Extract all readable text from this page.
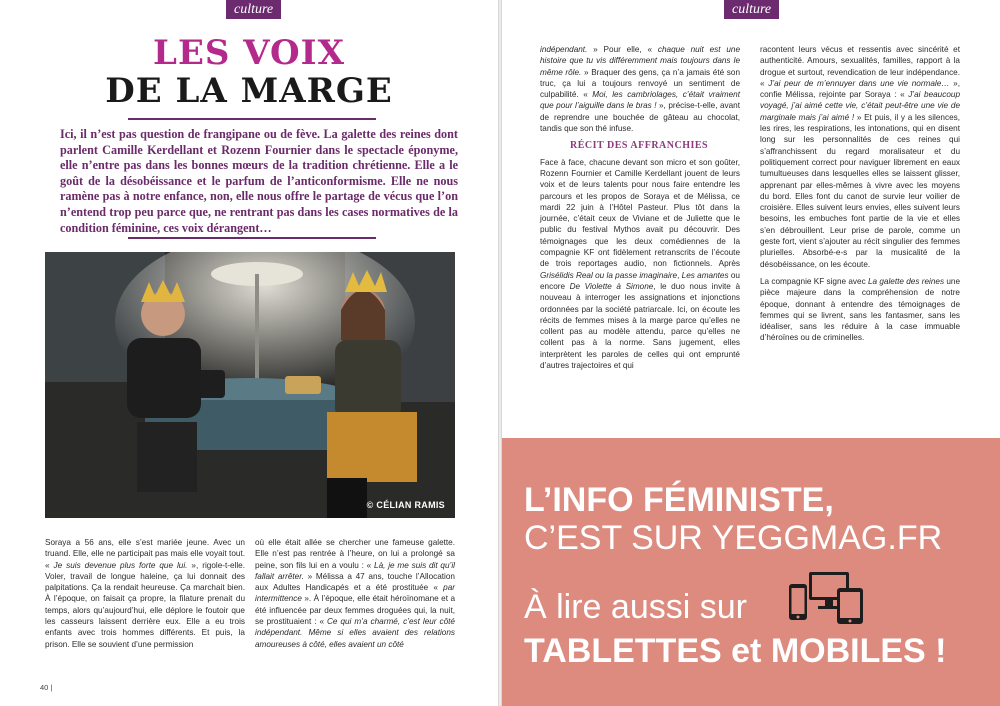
culture
LES VOIX
DE LA MARGE
Ici, il n’est pas question de frangipane ou de fève. La galette des reines dont parlent Camille Kerdellant et Rozenn Fournier dans le spectacle éponyme, elle n’entre pas dans les bonnes mœurs de la tradition chrétienne. Elle a le goût de la désobéissance et le parfum de l’anticonformisme. Elle ne nous ramène pas à notre enfance, non, elle nous offre le partage de vécus que l’on n’entend trop peu parce que, ne rentrant pas dans les cases normatives de la condition féminine, ces voix dérangent…
© CÉLIAN RAMIS

Soraya a 56 ans, elle s’est mariée jeune. Avec un truand. Elle, elle ne participait pas mais elle voyait tout. « Je suis devenue plus forte que lui. », rigole-t-elle. Voler, travail de longue haleine, ça lui donnait des palpitations. Ça la rendait heureuse. Ça marchait bien. À l’époque, on faisait ça propre, la filature prenait du temps, alors qu’aujourd’hui, elle déplore le foutoir que les casseurs laissent derrière eux. Elle a eu trois enfants avec trois hommes différents. Et puis, la prison. Elle se souvient d’une permission

où elle était allée se chercher une fameuse galette. Elle n’est pas rentrée à l’heure, on lui a prolongé sa peine, son fils lui en a voulu : « Là, je me suis dit qu’il fallait arrêter. » Mélissa a 47 ans, touche l’Allocation aux Adultes Handicapés et a été prostituée « par intermittence ». À l’époque, elle était héroïnomane et a été influencée par deux femmes droguées qui, la nuit, se prostituaient : « Ce qui m’a charmé, c’est leur côté indépendant. Même si elles avaient des relations amoureuses à côté, elles avaient un côté

40 |
culture

indépendant. » Pour elle, « chaque nuit est une histoire que tu vis différemment mais toujours dans le même rôle. » Braquer des gens, ça n’a jamais été son truc, ça lui a toujours renvoyé un sentiment de culpabilité. « Moi, les cambriolages, c’était vraiment que pour l’aiguille dans le bras ! », précise-t-elle, avant de reprendre une bouchée de gâteau au chocolat, tandis que son thé infuse.

RÉCIT DES AFFRANCHIES

Face à face, chacune devant son micro et son goûter, Rozenn Fournier et Camille Kerdellant jouent de leurs voix et de leurs talents pour nous faire entendre les parcours et les propos de Soraya et de Mélissa, ce mardi 22 juin à l’Hôtel Pasteur. Plus tôt dans la journée, c’était ceux de Viviane et de Juliette que le public du festival Mythos avait pu découvrir. Des témoignages que les deux comédiennes de la compagnie KF ont fidèlement retranscrits de l’écoute de trois reportages audio, non fictionnels. Après Grisélidis Real ou la passe imaginaire, Les amantes ou encore De Violette à Simone, le duo nous invite à nouveau à interroger les assignations et injonctions ordonnées par la société patriarcale. Ici, on écoute les récits de femmes mises à la marge parce qu’elles ne collent pas au modèle attendu, parce qu’elles ne collent pas à la norme. Sans jugement, elles interprètent les paroles de celles qui ont emprunté d’autres trajectoires et qui

racontent leurs vécus et ressentis avec sincérité et authenticité. Amours, sexualités, familles, rapport à la drogue et surtout, revendication de leur indépendance. « J’ai peur de m’ennuyer dans une vie normale… », confie Mélissa, rejointe par Soraya : « J’ai beaucoup voyagé, j’ai aimé cette vie, c’était peut-être une vie de marginale mais j’ai aimé ! » Et puis, il y a les silences, les rires, les respirations, les intonations, qui en disent long sur les personnalités de ces reines qui s’affranchissent du regard moralisateur et du politiquement correct pour naviguer librement en eaux tumultueuses dans lesquelles elles se laissent glisser, apprenant par elles-mêmes à vivre avec les moyens du bord. Elles font du canot de survie leur voilier de croisière. Elles suivent leurs envies, elles suivent leurs besoins, les embuches font partie de la vie et elles s’en débrouillent. Leur prise de parole, comme un geste fort, vient s’ajouter au récit singulier des femmes plurielles. Absorbé-e-s par la musicalité de la désobéissance, on les écoute.

La compagnie KF signe avec La galette des reines une pièce majeure dans la compréhension de notre époque, donnant à entendre des témoignages de femmes qui se livrent, sans les fantasmer, sans les idéaliser, sans les réduire à la case immuable d’héroïnes ou de criminelles.

L’INFO FÉMINISTE,
C’EST SUR YEGGMAG.FR
À lire aussi sur
TABLETTES et MOBILES !
